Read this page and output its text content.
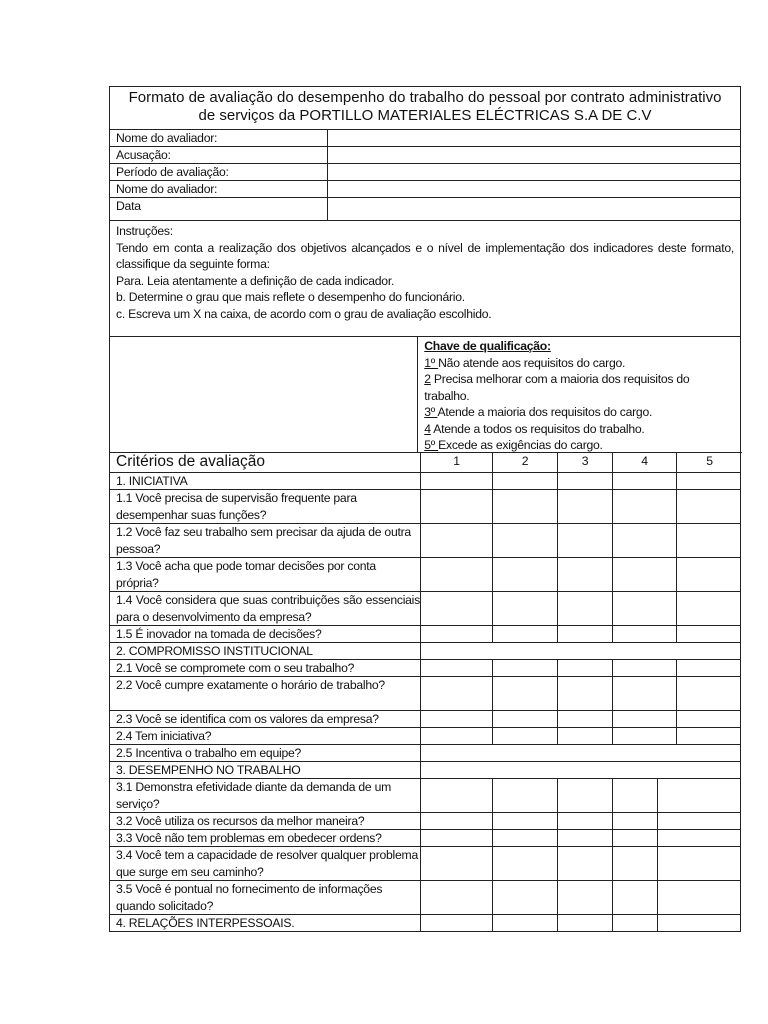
Formato de avaliação do desempenho do trabalho do pessoal por contrato administrativo
de serviços da PORTILLO MATERIALES ELÉCTRICAS S.A DE C.V
Nome do avaliador:
Acusação:
Período de avaliação:
Nome do avaliador:
Data
Instruções:
Tendo em conta a realização dos objetivos alcançados e o nível de implementação dos indicadores deste formato, classifique da seguinte forma:
Para. Leia atentamente a definição de cada indicador.
b. Determine o grau que mais reflete o desempenho do funcionário.
c. Escreva um X na caixa, de acordo com o grau de avaliação escolhido.
Chave de qualificação:
1º Não atende aos requisitos do cargo.
2 Precisa melhorar com a maioria dos requisitos do trabalho.
3º Atende a maioria dos requisitos do cargo.
4 Atende a todos os requisitos do trabalho.
5º Excede as exigências do cargo.
Critérios de avaliação	1	2	3	4	5
1. INICIATIVA
1.1 Você precisa de supervisão frequente para desempenhar suas funções?
1.2 Você faz seu trabalho sem precisar da ajuda de outra pessoa?
1.3 Você acha que pode tomar decisões por conta própria?
1.4 Você considera que suas contribuições são essenciais para o desenvolvimento da empresa?
1.5 É inovador na tomada de decisões?
2. COMPROMISSO INSTITUCIONAL
2.1 Você se compromete com o seu trabalho?
2.2 Você cumpre exatamente o horário de trabalho?
2.3 Você se identifica com os valores da empresa?
2.4 Tem iniciativa?
2.5 Incentiva o trabalho em equipe?
3. DESEMPENHO NO TRABALHO
3.1 Demonstra efetividade diante da demanda de um serviço?
3.2 Você utiliza os recursos da melhor maneira?
3.3 Você não tem problemas em obedecer ordens?
3.4 Você tem a capacidade de resolver qualquer problema que surge em seu caminho?
3.5 Você é pontual no fornecimento de informações quando solicitado?
4. RELAÇÕES INTERPESSOAIS.
